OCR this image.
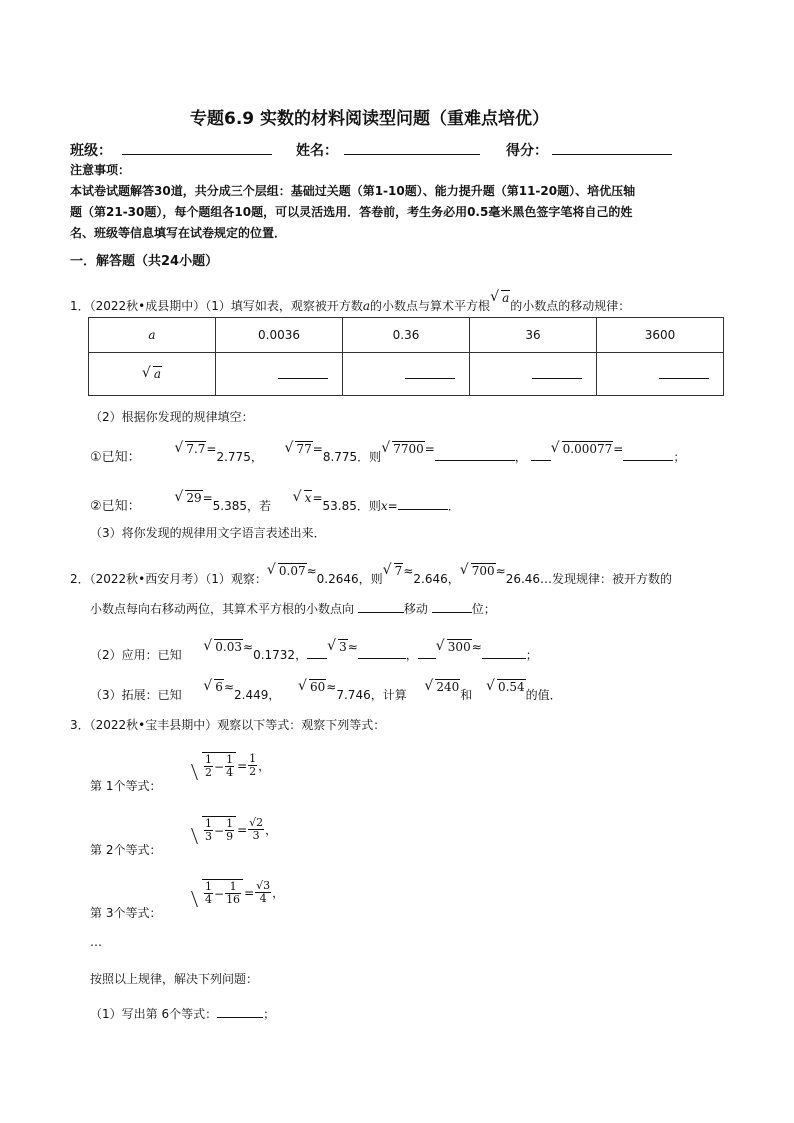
专题6.9 实数的材料阅读型问题（重难点培优）
班级：	姓名：	得分：
注意事项：
本试卷试题解答30道，共分成三个层组：基础过关题（第1-10题）、能力提升题（第11-20题）、培优压轴
题（第21-30题），每个题组各10题，可以灵活选用．答卷前，考生务必用0.5毫米黑色签字笔将自己的姓
名、班级等信息填写在试卷规定的位置．
一．解答题（共24小题）
1．（2022秋•成县期中）（1）填写如表，观察被开方数a的小数点与算术平方根√ a的小数点的移动规律：
a	0.0036	0.36	36	3600
√ a				
（2）根据你发现的规律填空：
①已知：  √ 7.7=2.775，  √ 77=8.775．则√ 7700=， √ 0.00077=；
②已知：  √ 29=5.385，若  √ x=53.85．则x=	．
（3）将你发现的规律用文字语言表述出来．
2．（2022秋•西安月考）（1）观察：√ 0.07≈0.2646，则√ 7≈2.646，√ 700≈26.46…发现规律：被开方数的
小数点每向右移动两位，其算术平方根的小数点向	移动	位；
（2）应用：已知  √ 0.03≈0.1732，√ 3≈，√ 300≈；
（3）拓展：已知  √ 6≈2.449，  √ 60≈7.746，计算  √ 240和  √ 0.54的值．
3．（2022秋•宝丰县期中）观察以下等式：观察下列等式：
第 1个等式：
$\frac{1}{2} - \frac{1}{4} = \frac{1}{2}$ ，
第 2个等式：
$\frac{1}{3} - \frac{1}{9} = \frac{√2}{3}$ ，
第 3个等式：
$\frac{1}{4} - \frac{1}{16} = \frac{√3}{4}$ ，
…
按照以上规律，解决下列问题：
（1）写出第 6个等式：	；
